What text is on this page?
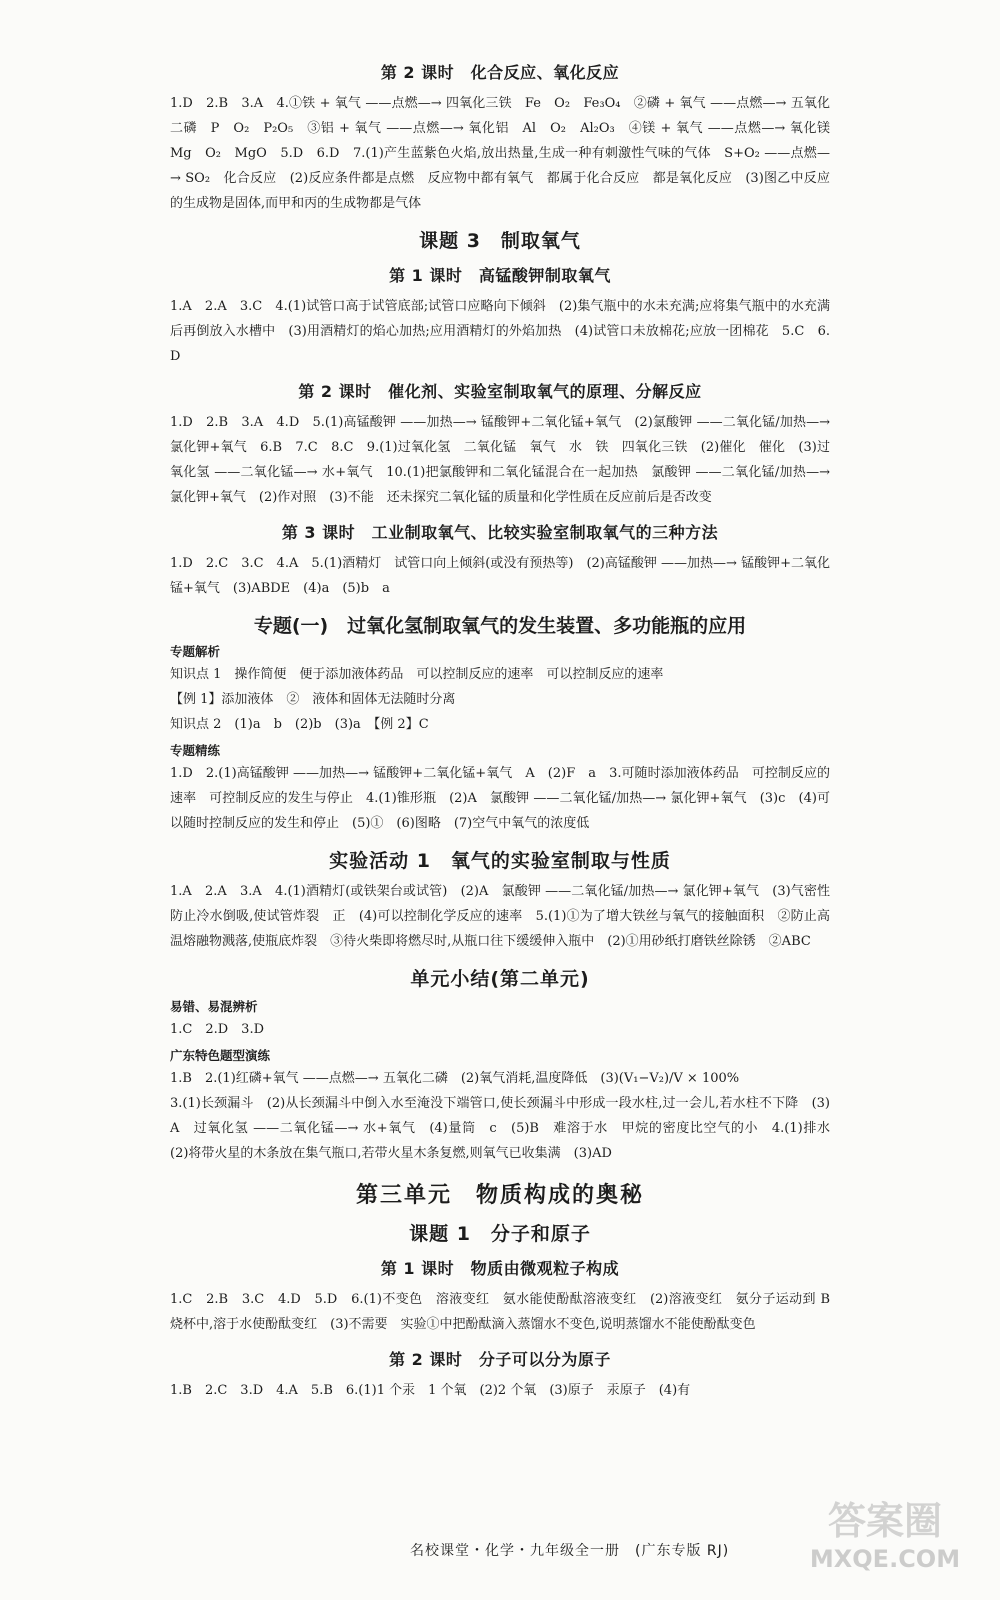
第 2 课时　化合反应、氧化反应

1.D　2.B　3.A　4.①铁 + 氧气 ——点燃—→ 四氧化三铁　Fe　O₂　Fe₃O₄　②磷 + 氧气 ——点燃—→ 五氧化二磷　P　O₂　P₂O₅　③铝 + 氧气 ——点燃—→ 氧化铝　Al　O₂　Al₂O₃　④镁 + 氧气 ——点燃—→ 氧化镁　Mg　O₂　MgO　5.D　6.D　7.(1)产生蓝紫色火焰,放出热量,生成一种有刺激性气味的气体　S+O₂ ——点燃—→ SO₂　化合反应　(2)反应条件都是点燃　反应物中都有氧气　都属于化合反应　都是氧化反应　(3)图乙中反应的生成物是固体,而甲和丙的生成物都是气体

课题 3　制取氧气
第 1 课时　高锰酸钾制取氧气

1.A　2.A　3.C　4.(1)试管口高于试管底部;试管口应略向下倾斜　(2)集气瓶中的水未充满;应将集气瓶中的水充满后再倒放入水槽中　(3)用酒精灯的焰心加热;应用酒精灯的外焰加热　(4)试管口未放棉花;应放一团棉花　5.C　6.D

第 2 课时　催化剂、实验室制取氧气的原理、分解反应

1.D　2.B　3.A　4.D　5.(1)高锰酸钾 ——加热—→ 锰酸钾+二氧化锰+氧气　(2)氯酸钾 ——二氧化锰/加热—→ 氯化钾+氧气　6.B　7.C　8.C　9.(1)过氧化氢　二氧化锰　氧气　水　铁　四氧化三铁　(2)催化　催化　(3)过氧化氢 ——二氧化锰—→ 水+氧气　10.(1)把氯酸钾和二氧化锰混合在一起加热　氯酸钾 ——二氧化锰/加热—→ 氯化钾+氧气　(2)作对照　(3)不能　还未探究二氧化锰的质量和化学性质在反应前后是否改变

第 3 课时　工业制取氧气、比较实验室制取氧气的三种方法

1.D　2.C　3.C　4.A　5.(1)酒精灯　试管口向上倾斜(或没有预热等)　(2)高锰酸钾 ——加热—→ 锰酸钾+二氧化锰+氧气　(3)ABDE　(4)a　(5)b　a

专题(一)　过氧化氢制取氧气的发生装置、多功能瓶的应用
专题解析

知识点 1　操作简便　便于添加液体药品　可以控制反应的速率　可以控制反应的速率

【例 1】添加液体　②　液体和固体无法随时分离

知识点 2　(1)a　b　(2)b　(3)a　【例 2】C

专题精练

1.D　2.(1)高锰酸钾 ——加热—→ 锰酸钾+二氧化锰+氧气　A　(2)F　a　3.可随时添加液体药品　可控制反应的速率　可控制反应的发生与停止　4.(1)锥形瓶　(2)A　氯酸钾 ——二氧化锰/加热—→ 氯化钾+氧气　(3)c　(4)可以随时控制反应的发生和停止　(5)①　(6)图略　(7)空气中氧气的浓度低

实验活动 1　氧气的实验室制取与性质

1.A　2.A　3.A　4.(1)酒精灯(或铁架台或试管)　(2)A　氯酸钾 ——二氧化锰/加热—→ 氯化钾+氧气　(3)气密性　防止冷水倒吸,使试管炸裂　正　(4)可以控制化学反应的速率　5.(1)①为了增大铁丝与氧气的接触面积　②防止高温熔融物溅落,使瓶底炸裂　③待火柴即将燃尽时,从瓶口往下缓缓伸入瓶中　(2)①用砂纸打磨铁丝除锈　②ABC

单元小结(第二单元)
易错、易混辨析

1.C　2.D　3.D

广东特色题型演练

1.B　2.(1)红磷+氧气 ——点燃—→ 五氧化二磷　(2)氧气消耗,温度降低　(3)(V₁−V₂)/V × 100%

3.(1)长颈漏斗　(2)从长颈漏斗中倒入水至淹没下端管口,使长颈漏斗中形成一段水柱,过一会儿,若水柱不下降　(3)A　过氧化氢 ——二氧化锰—→ 水+氧气　(4)量筒　c　(5)B　难溶于水　甲烷的密度比空气的小　4.(1)排水　(2)将带火星的木条放在集气瓶口,若带火星木条复燃,则氧气已收集满　(3)AD

第三单元　物质构成的奥秘
课题 1　分子和原子
第 1 课时　物质由微观粒子构成

1.C　2.B　3.C　4.D　5.D　6.(1)不变色　溶液变红　氨水能使酚酞溶液变红　(2)溶液变红　氨分子运动到 B 烧杯中,溶于水使酚酞变红　(3)不需要　实验①中把酚酞滴入蒸馏水不变色,说明蒸馏水不能使酚酞变色

第 2 课时　分子可以分为原子

1.B　2.C　3.D　4.A　5.B　6.(1)1 个汞　1 个氧　(2)2 个氧　(3)原子　汞原子　(4)有

名校课堂・化学・九年级全一册　(广东专版 RJ)
答案圈
MXQE.COM
